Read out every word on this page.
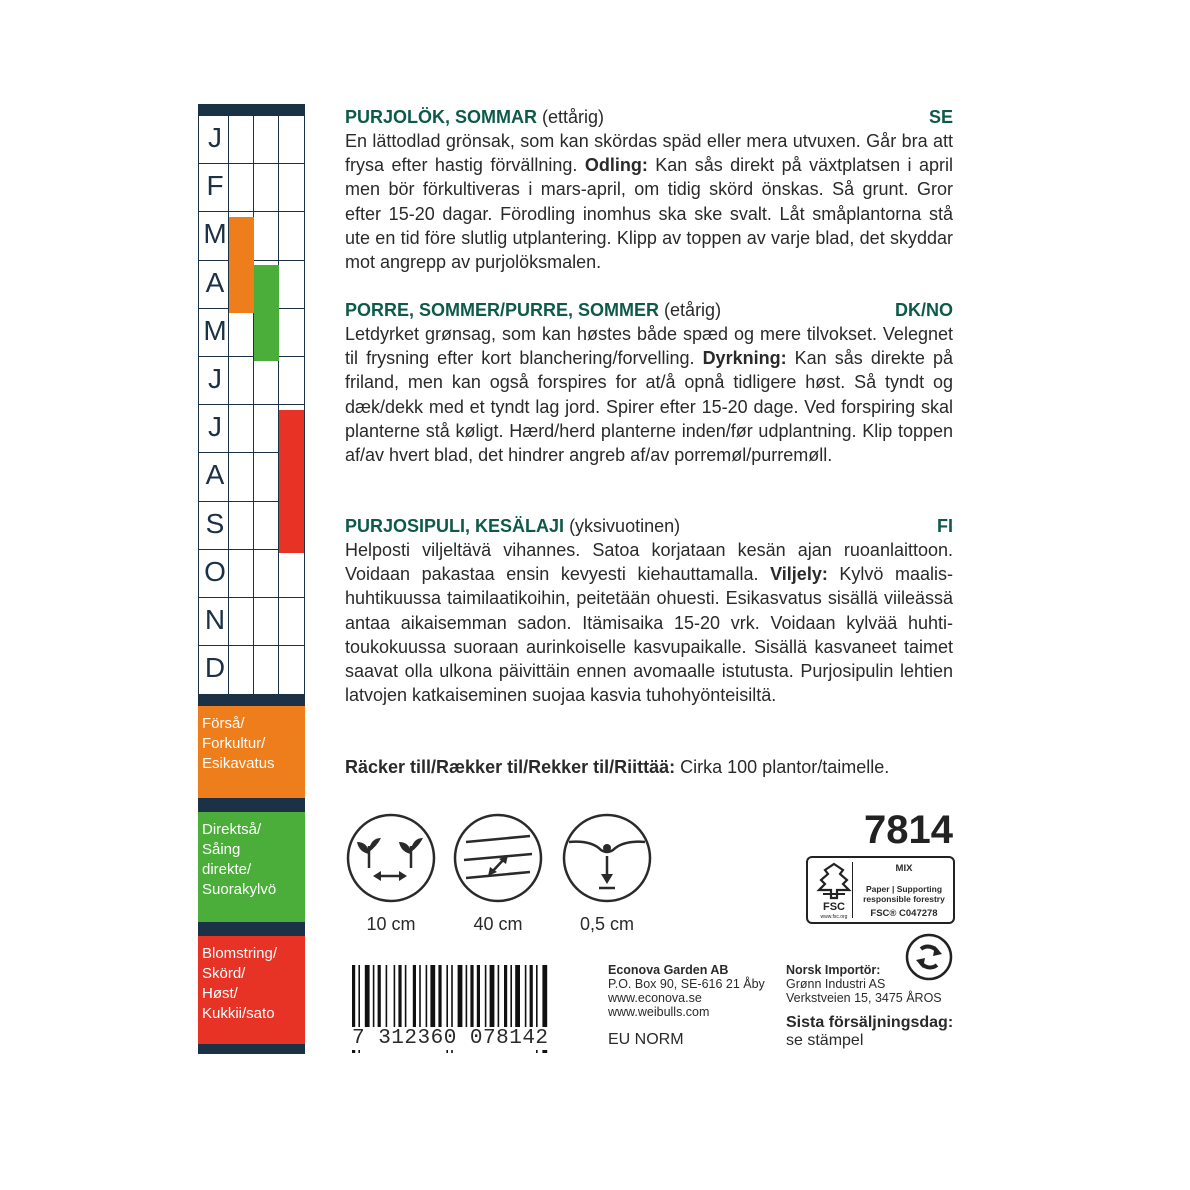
J
F
M
A
M
J
J
A
S
O
N
D
Förså/
Forkultur/
Esikavatus
Direktså/
Såing
direkte/
Suorakylvö
Blomstring/
Skörd/
Høst/
Kukkii/sato
PURJOLÖK, SOMMAR (ettårig)	SE
En lättodlad grönsak, som kan skördas späd eller mera utvuxen. Går bra att frysa efter hastig förvällning. Odling: Kan sås direkt på växtplatsen i april men bör förkultiveras i mars-april, om tidig skörd önskas. Så grunt. Gror efter 15-20 dagar. Förodling inomhus ska ske svalt. Låt småplantorna stå ute en tid före slutlig utplantering. Klipp av toppen av varje blad, det skyddar mot angrepp av purjolöksmalen.
PORRE, SOMMER/PURRE, SOMMER (etårig)	DK/NO
Letdyrket grønsag, som kan høstes både spæd og mere tilvokset. Velegnet til frysning efter kort blanchering/forvelling. Dyrkning: Kan sås direkte på friland, men kan også forspires for at/å opnå tidligere høst. Så tyndt og dæk/dekk med et tyndt lag jord. Spirer efter 15-20 dage. Ved forspiring skal planterne stå køligt. Hærd/herd planterne inden/før udplantning. Klip toppen af/av hvert blad, det hindrer angreb af/av porremøl/purremøll.
PURJOSIPULI, KESÄLAJI (yksivuotinen)	FI
Helposti viljeltävä vihannes. Satoa korjataan kesän ajan ruoanlaittoon. Voidaan pakastaa ensin kevyesti kiehauttamalla. Viljely: Kylvö maalis-huhtikuussa taimilaatikoihin, peitetään ohuesti. Esikasvatus sisällä viileässä antaa aikaisemman sadon. Itämisaika 15-20 vrk. Voidaan kylvää huhti-toukokuussa suoraan aurinkoiselle kasvupaikalle. Sisällä kasvaneet taimet saavat olla ulkona päivittäin ennen avomaalle istutusta. Purjosipulin lehtien latvojen katkaiseminen suojaa kasvia tuhohyönteisiltä.
Räcker till/Rækker til/Rekker til/Riittää: Cirka 100 plantor/taimelle.
10 cm	40 cm	0,5 cm
7814
FSC
www.fsc.org
MIX
Paper | Supporting
responsible forestry
FSC® C047278
7 312360 078142
Econova Garden AB
P.O. Box 90, SE-616 21 Åby
www.econova.se
www.weibulls.com
EU NORM
Norsk Importör:
Grønn Industri AS
Verkstveien 15, 3475 ÅROS
Sista försäljningsdag:
se stämpel
